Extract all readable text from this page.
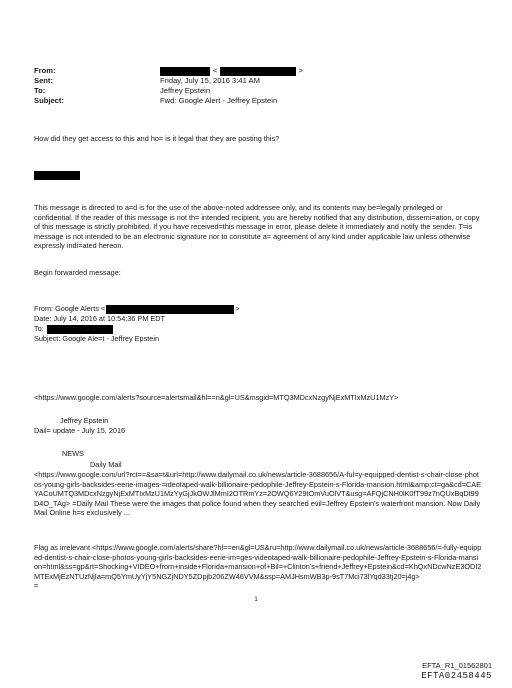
From:	<	>
Sent:	Friday, July 15, 2016 3:41 AM
To:	Jeffrey Epstein
Subject:	Fwd: Google Alert - Jeffrey Epstein
How did they get access to this and ho= is it legal that they are posting this?
This message is directed to a=d is for the use of the above-noted addressee only, and its contents may be=legally privileged or confidential. If the reader of this message is not th= intended recipient, you are hereby notified that any distribution, dissemi=ation, or copy of this message is strictly prohibited. If you have received=this message in error, please delete it immediately and notify the sender. T=is message is not intended to be an electronic signature nor to constitute a= agreement of any kind under applicable law unless otherwise expressly indi=ated hereon.
Begin forwarded message:
From: Google Alerts <	>
Date: July 14, 2016 at 10:54:36 PM EDT
To:
Subject: Google Ale=t - Jeffrey Epstein
<https://www.google.com/alerts?source=alertsmail&hl==n&gl=US&msgid=MTQ3MDcxNzgyNjExMTIxMzU1MzY>
Jeffrey Epstein
Dail= update - July 15, 2016
NEWS
Daily Mail
<https://www.google.com/url?rct==&sa=t&url=http://www.dailymail.co.uk/news/article-3688656/A-ful=y-equipped-dentist-s-chair-close-photos-young-girls-backsides-eerie-images-=ideotaped-walk-billionaire-pedophile-Jeffrey-Epstein-s-Florida-mansion.html&amp;ct=ga&cd=CAEYACoUMTQ3MDcxNzgyNjExMTIxMzU1MzYyGjJkOWJlMmI2OTRmYz=2OWQ6Y29tOmVuOlVT&usg=AFQjCNH0lK0fT99z7nQUxBqDt99D4O_TAg> =Daily Mail These were the images that police found when they searched evil=Jeffrey Epstein's waterfront mansion. Now Daily Mail Online h=s exclusively ...
Flag as irrelevant <https://www.google.com/alerts/share?hl==en&gl=US&ru=http://www.dailymail.co.uk/news/article-3688656/=-fully-equipped-dentist-s-chair-close-photos-young-girls-backsides-eerie-im=ges-videotaped-walk-billionaire-pedophile-Jeffrey-Epstein-s-Florida-mansion=html&ss=gp&rt=Shocking+VIDEO+from+inside+Florida+mansion+of+Bil=+Clinton's+friend+Jeffrey+Epstein&cd=KhQxNDcwNzE3ODI2MTExMjEzNTUzNjIa=mQ5YmUyYjY5NGZjNDY5ZDpjb206ZW46VVM&ssp=AMJHsmWB3p-9sT7Mci73lYqd33tj20=j4g>
=
1
EFTA_R1_01562801
EFTA02458445
